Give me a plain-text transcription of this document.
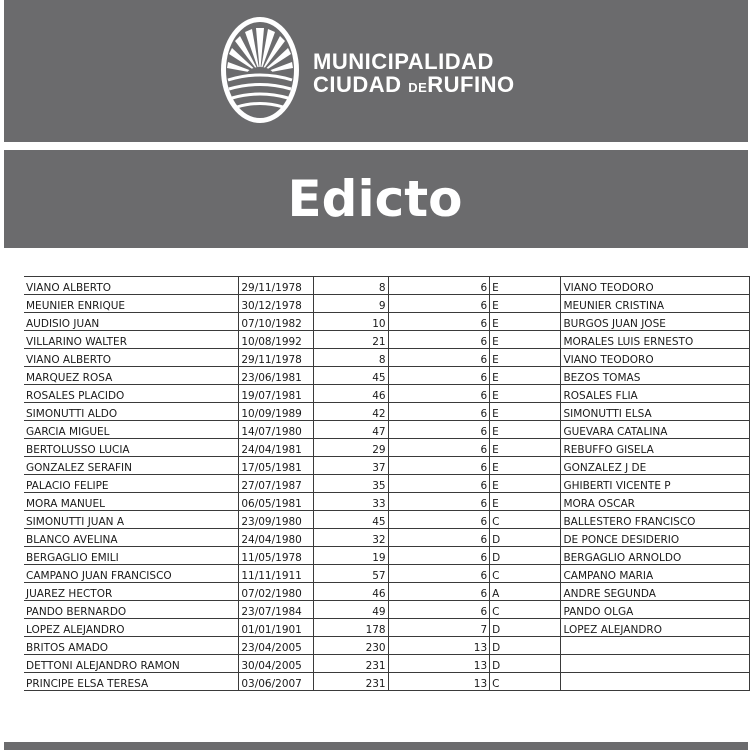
MUNICIPALIDAD
CIUDAD DERUFINO
Edicto
VIANO ALBERTO	29/11/1978	8	6	E	VIANO TEODORO
MEUNIER ENRIQUE	30/12/1978	9	6	E	MEUNIER CRISTINA
AUDISIO JUAN	07/10/1982	10	6	E	BURGOS JUAN JOSE
VILLARINO WALTER	10/08/1992	21	6	E	MORALES LUIS ERNESTO
VIANO ALBERTO	29/11/1978	8	6	E	VIANO TEODORO
MARQUEZ ROSA	23/06/1981	45	6	E	BEZOS TOMAS
ROSALES PLACIDO	19/07/1981	46	6	E	ROSALES FLIA
SIMONUTTI ALDO	10/09/1989	42	6	E	SIMONUTTI ELSA
GARCIA MIGUEL	14/07/1980	47	6	E	GUEVARA CATALINA
BERTOLUSSO LUCIA	24/04/1981	29	6	E	REBUFFO GISELA
GONZALEZ SERAFIN	17/05/1981	37	6	E	GONZALEZ J DE
PALACIO FELIPE	27/07/1987	35	6	E	GHIBERTI VICENTE P
MORA MANUEL	06/05/1981	33	6	E	MORA OSCAR
SIMONUTTI JUAN A	23/09/1980	45	6	C	BALLESTERO FRANCISCO
BLANCO AVELINA	24/04/1980	32	6	D	DE PONCE DESIDERIO
BERGAGLIO EMILI	11/05/1978	19	6	D	BERGAGLIO ARNOLDO
CAMPANO JUAN FRANCISCO	11/11/1911	57	6	C	CAMPANO MARIA
JUAREZ HECTOR	07/02/1980	46	6	A	ANDRE SEGUNDA
PANDO BERNARDO	23/07/1984	49	6	C	PANDO OLGA
LOPEZ ALEJANDRO	01/01/1901	178	7	D	LOPEZ ALEJANDRO
BRITOS AMADO	23/04/2005	230	13	D	
DETTONI ALEJANDRO RAMON	30/04/2005	231	13	D	
PRINCIPE ELSA TERESA	03/06/2007	231	13	C	
